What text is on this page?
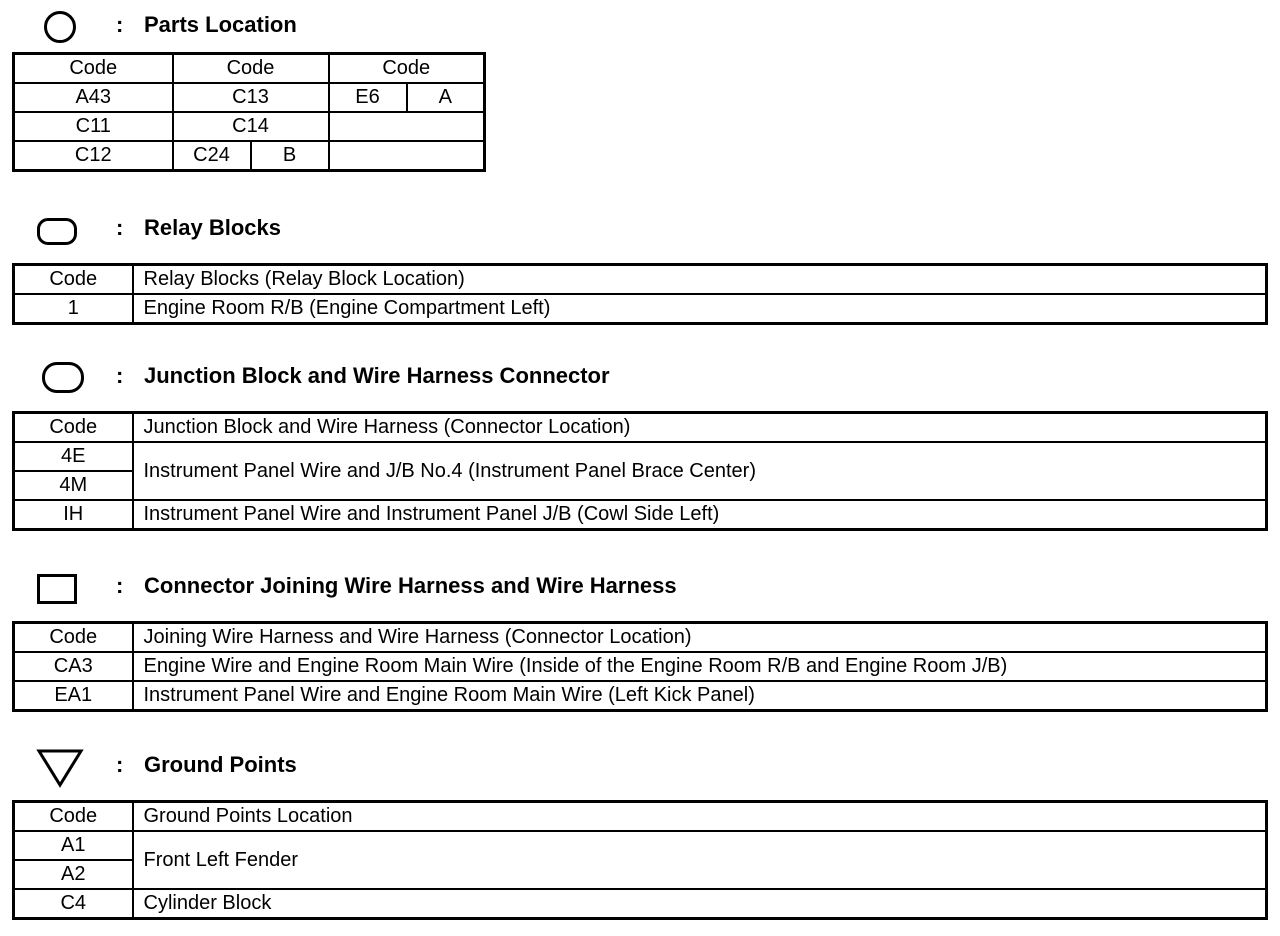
: Parts Location
Code	Code		Code	
A43	C13		E6	A
C11	C14			
C12	C24	B		
: Relay Blocks
Code	Relay Blocks (Relay Block Location)
1	Engine Room R/B (Engine Compartment Left)
: Junction Block and Wire Harness Connector
Code	Junction Block and Wire Harness (Connector Location)
4E	Instrument Panel Wire and J/B No.4 (Instrument Panel Brace Center)
4M	
IH	Instrument Panel Wire and Instrument Panel J/B (Cowl Side Left)
: Connector Joining Wire Harness and Wire Harness
Code	Joining Wire Harness and Wire Harness (Connector Location)
CA3	Engine Wire and Engine Room Main Wire (Inside of the Engine Room R/B and Engine Room J/B)
EA1	Instrument Panel Wire and Engine Room Main Wire (Left Kick Panel)
: Ground Points
Code	Ground Points Location
A1	Front Left Fender
A2	
C4	Cylinder Block
